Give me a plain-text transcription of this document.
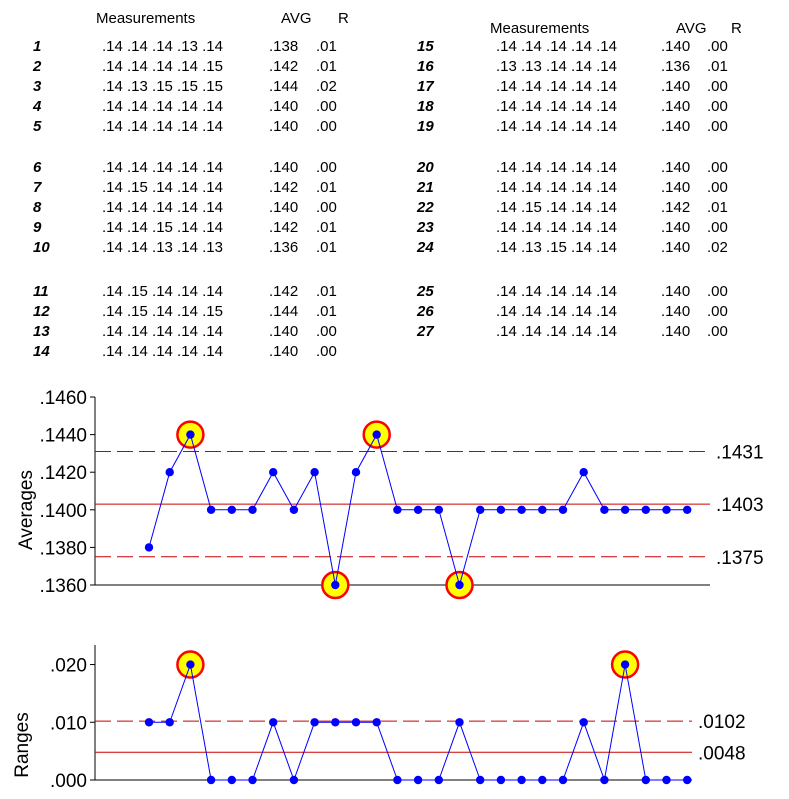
Measurements	AVG R
Measurements	AVG R
1	.14 .14 .14 .13 .14	.138 .01
2	.14 .14 .14 .14 .15	.142 .01
3	.14 .13 .15 .15 .15	.144 .02
4	.14 .14 .14 .14 .14	.140 .00
5	.14 .14 .14 .14 .14	.140 .00
6	.14 .14 .14 .14 .14	.140 .00
7	.14 .15 .14 .14 .14	.142 .01
8	.14 .14 .14 .14 .14	.140 .00
9	.14 .14 .15 .14 .14	.142 .01
10	.14 .14 .13 .14 .13	.136 .01
11	.14 .15 .14 .14 .14	.142 .01
12	.14 .15 .14 .14 .15	.144 .01
13	.14 .14 .14 .14 .14	.140 .00
14	.14 .14 .14 .14 .14	.140 .00
15	.14 .14 .14 .14 .14	.140 .00
16	.13 .13 .14 .14 .14	.136 .01
17	.14 .14 .14 .14 .14	.140 .00
18	.14 .14 .14 .14 .14	.140 .00
19	.14 .14 .14 .14 .14	.140 .00
20	.14 .14 .14 .14 .14	.140 .00
21	.14 .14 .14 .14 .14	.140 .00
22	.14 .15 .14 .14 .14	.142 .01
23	.14 .14 .14 .14 .14	.140 .00
24	.14 .13 .15 .14 .14	.140 .02
25	.14 .14 .14 .14 .14	.140 .00
26	.14 .14 .14 .14 .14	.140 .00
27	.14 .14 .14 .14 .14	.140 .00
.1460
.1440
.1420
.1400
.1380
.1360
Averages
.1431
.1403
.1375
.020
.010
.000
Ranges	.0102
.0048
